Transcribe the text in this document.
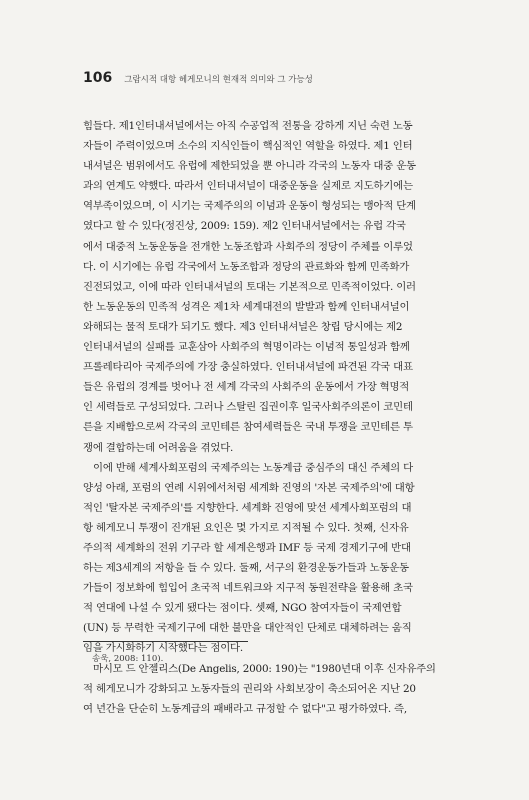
106 그람시적 대항 헤게모니의 현재적 의미와 그 가능성
힘들다. 제1인터내셔널에서는 아직 수공업적 전통을 강하게 지닌 숙련 노동
자들이 주력이었으며 소수의 지식인들이 핵심적인 역할을 하였다. 제1 인터
내셔널은 범위에서도 유럽에 제한되었을 뿐 아니라 각국의 노동자 대중 운동
과의 연계도 약했다. 따라서 인터내셔널이 대중운동을 실제로 지도하기에는
역부족이었으며, 이 시기는 국제주의의 이념과 운동이 형성되는 맹아적 단계
였다고 할 수 있다(정진상, 2009: 159). 제2 인터내셔널에서는 유럽 각국
에서 대중적 노동운동을 전개한 노동조합과 사회주의 정당이 주체를 이루었
다. 이 시기에는 유럽 각국에서 노동조합과 정당의 관료화와 함께 민족화가
진전되었고, 이에 따라 인터내셔널의 토대는 기본적으로 민족적이었다. 이러
한 노동운동의 민족적 성격은 제1차 세계대전의 발발과 함께 인터내셔널이
와해되는 물적 토대가 되기도 했다. 제3 인터내셔널은 창립 당시에는 제2
인터내셔널의 실패를 교훈삼아 사회주의 혁명이라는 이념적 통일성과 함께
프롤레타리아 국제주의에 가장 충실하였다. 인터내셔널에 파견된 각국 대표
들은 유럽의 경계를 벗어나 전 세계 각국의 사회주의 운동에서 가장 혁명적
인 세력들로 구성되었다. 그러나 스탈린 집권이후 일국사회주의론이 코민테
른을 지배함으로써 각국의 코민테른 참여세력들은 국내 투쟁을 코민테른 투
쟁에 결합하는데 어려움을 겪었다.
이에 반해 세계사회포럼의 국제주의는 노동계급 중심주의 대신 주체의 다
양성 아래, 포럼의 연례 시위에서처럼 세계화 진영의 '자본 국제주의'에 대항
적인 '탈자본 국제주의'를 지향한다. 세계화 진영에 맞선 세계사회포럼의 대
항 헤게모니 투쟁이 진개된 요인은 몇 가지로 지적될 수 있다. 첫째, 신자유
주의적 세계화의 전위 기구라 할 세계은행과 IMF 등 국제 경제기구에 반대
하는 제3세계의 저항을 들 수 있다. 둘째, 서구의 환경운동가들과 노동운동
가들이 정보화에 힘입어 초국적 네트워크와 지구적 동원전략을 활용해 초국
적 연대에 나설 수 있게 됐다는 점이다. 셋째, NGO 참여자들이 국제연합
(UN) 등 무력한 국제기구에 대한 불만을 대안적인 단체로 대체하려는 움직
임을 가시화하기 시작했다는 점이다.
마시모 드 안젤리스(De Angelis, 2000: 190)는 "1980년대 이후 신자유주의
적 헤게모니가 강화되고 노동자들의 권리와 사회보장이 축소되어온 지난 20
여 년간을 단순히 노동계급의 패배라고 규정할 수 없다"고 평가하였다. 즉,
송욱, 2008: 110).
